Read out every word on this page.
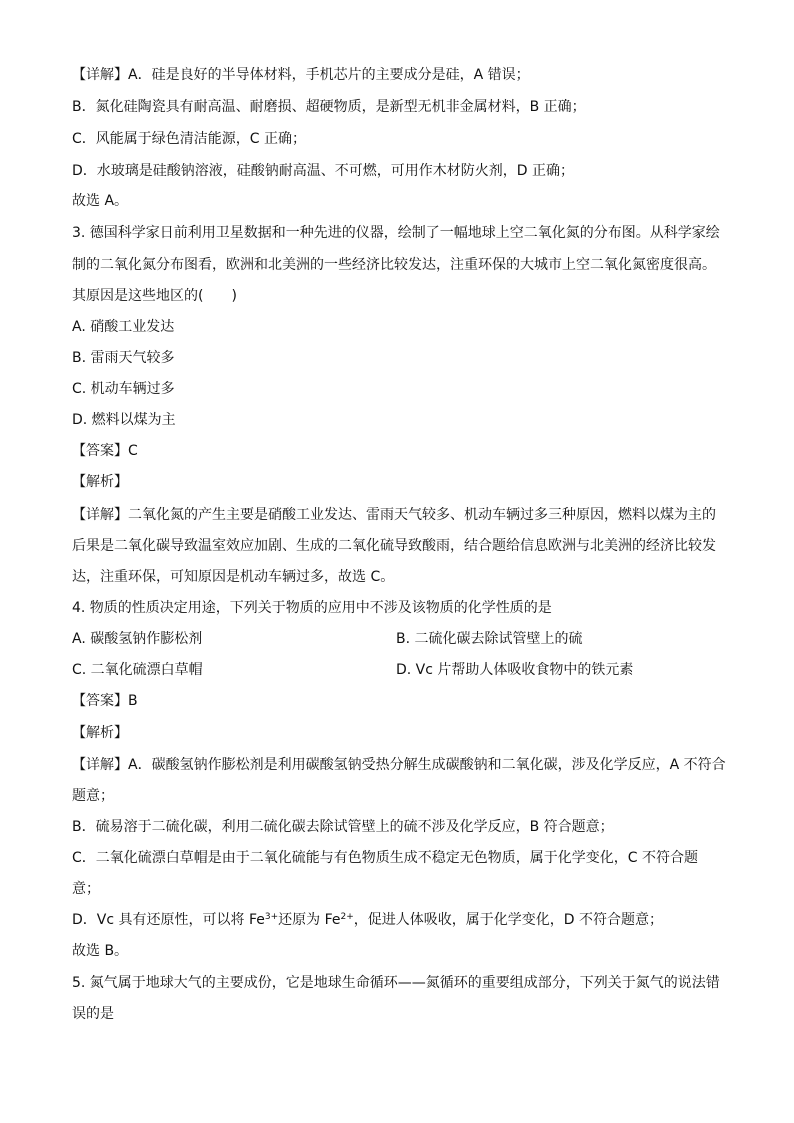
【详解】A．硅是良好的半导体材料，手机芯片的主要成分是硅，A 错误；
B．氮化硅陶瓷具有耐高温、耐磨损、超硬物质，是新型无机非金属材料，B 正确；
C．风能属于绿色清洁能源，C 正确；
D．水玻璃是硅酸钠溶液，硅酸钠耐高温、不可燃，可用作木材防火剂，D 正确；
故选 A。
3. 德国科学家日前利用卫星数据和一种先进的仪器，绘制了一幅地球上空二氧化氮的分布图。从科学家绘
制的二氧化氮分布图看，欧洲和北美洲的一些经济比较发达，注重环保的大城市上空二氧化氮密度很高。
其原因是这些地区的(　　)
A. 硝酸工业发达
B. 雷雨天气较多
C. 机动车辆过多
D. 燃料以煤为主
【答案】C
【解析】
【详解】二氧化氮的产生主要是硝酸工业发达、雷雨天气较多、机动车辆过多三种原因，燃料以煤为主的
后果是二氧化碳导致温室效应加剧、生成的二氧化硫导致酸雨，结合题给信息欧洲与北美洲的经济比较发
达，注重环保，可知原因是机动车辆过多，故选 C。
4. 物质的性质决定用途，下列关于物质的应用中不涉及该物质的化学性质的是
A. 碳酸氢钠作膨松剂	B. 二硫化碳去除试管壁上的硫
C. 二氧化硫漂白草帽	D. Vc 片帮助人体吸收食物中的铁元素
【答案】B
【解析】
【详解】A．碳酸氢钠作膨松剂是利用碳酸氢钠受热分解生成碳酸钠和二氧化碳，涉及化学反应，A 不符合
题意；
B．硫易溶于二硫化碳，利用二硫化碳去除试管壁上的硫不涉及化学反应，B 符合题意；
C．二氧化硫漂白草帽是由于二氧化硫能与有色物质生成不稳定无色物质，属于化学变化，C 不符合题
意；
D．Vc 具有还原性，可以将 $Fe^{3+}$还原为 $Fe^{2+}$，促进人体吸收，属于化学变化，D 不符合题意；
故选 B。
5. 氮气属于地球大气的主要成份，它是地球生命循环——氮循环的重要组成部分，下列关于氮气的说法错
误的是
